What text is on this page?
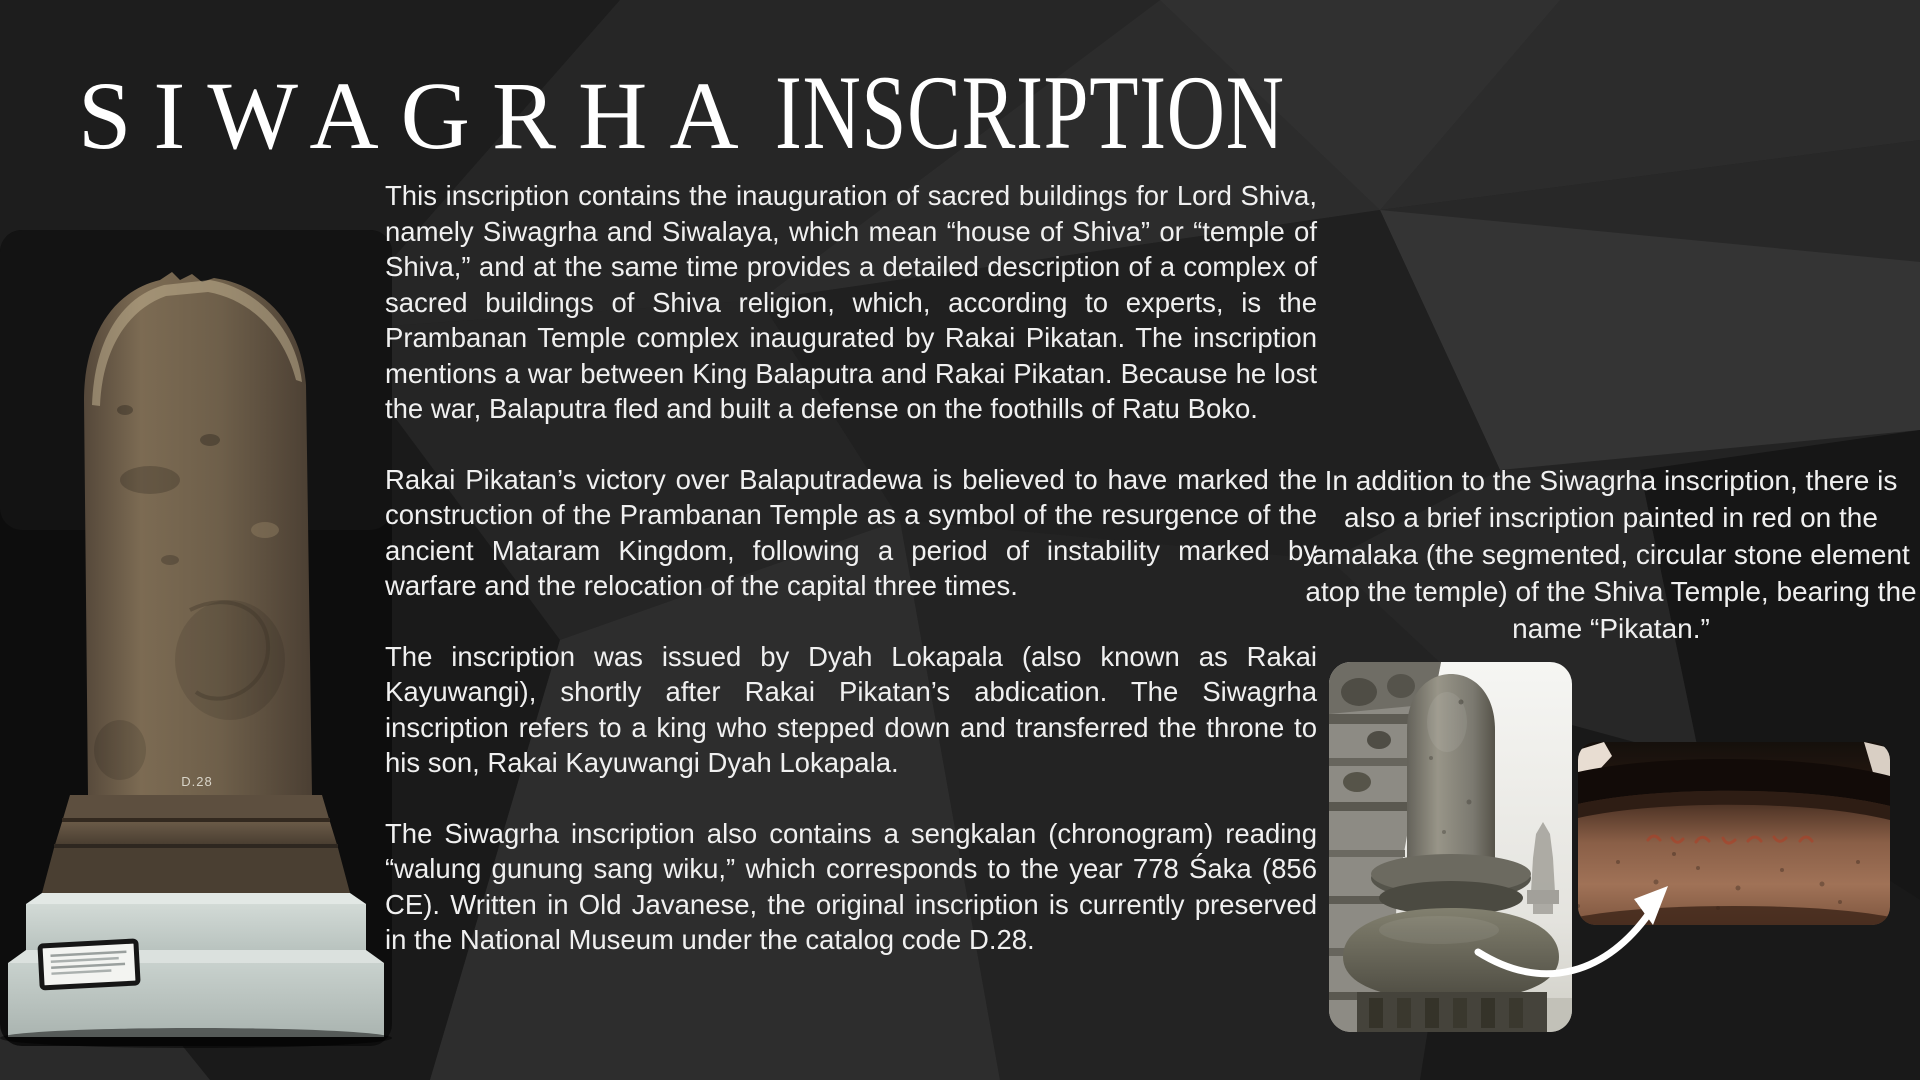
SIWAGRHA INSCRIPTION
D.28

This inscription contains the inauguration of sacred buildings for Lord Shiva, namely Siwagrha and Siwalaya, which mean “house of Shiva” or “temple of Shiva,” and at the same time provides a detailed description of a complex of sacred buildings of Shiva religion, which, according to experts, is the Prambanan Temple complex inaugurated by Rakai Pikatan. The inscription mentions a war between King Balaputra and Rakai Pikatan. Because he lost the war, Balaputra fled and built a defense on the foothills of Ratu Boko.

Rakai Pikatan’s victory over Balaputradewa is believed to have marked the construction of the Prambanan Temple as a symbol of the resurgence of the ancient Mataram Kingdom, following a period of instability marked by warfare and the relocation of the capital three times.

The inscription was issued by Dyah Lokapala (also known as Rakai Kayuwangi), shortly after Rakai Pikatan’s abdication. The Siwagrha inscription refers to a king who stepped down and transferred the throne to his son, Rakai Kayuwangi Dyah Lokapala.

The Siwagrha inscription also contains a sengkalan (chronogram) reading “walung gunung sang wiku,” which corresponds to the year 778 Śaka (856 CE). Written in Old Javanese, the original inscription is currently preserved in the National Museum under the catalog code D.28.

In addition to the Siwagrha inscription, there is also a brief inscription painted in red on the amalaka (the segmented, circular stone element atop the temple) of the Shiva Temple, bearing the name “Pikatan.”
